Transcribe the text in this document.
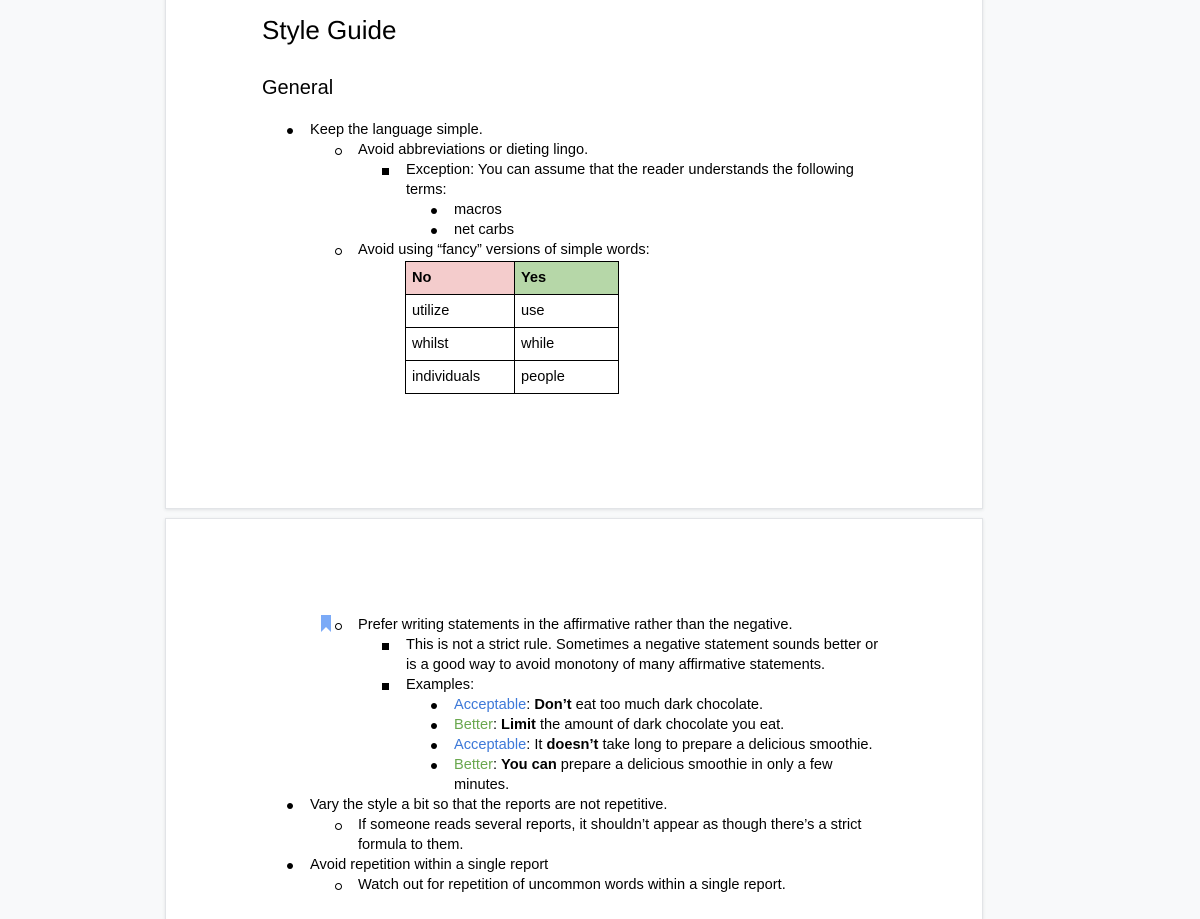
Style Guide
General
Keep the language simple.
Avoid abbreviations or dieting lingo.
Exception: You can assume that the reader understands the following
terms:
macros
net carbs
Avoid using “fancy” versions of simple words:
No	Yes
utilize	use
whilst	while
individuals	people
Prefer writing statements in the affirmative rather than the negative.
This is not a strict rule. Sometimes a negative statement sounds better or
is a good way to avoid monotony of many affirmative statements.
Examples:
Acceptable: Don’t eat too much dark chocolate.
Better: Limit the amount of dark chocolate you eat.
Acceptable: It doesn’t take long to prepare a delicious smoothie.
Better: You can prepare a delicious smoothie in only a few
minutes.
Vary the style a bit so that the reports are not repetitive.
If someone reads several reports, it shouldn’t appear as though there’s a strict
formula to them.
Avoid repetition within a single report
Watch out for repetition of uncommon words within a single report.
